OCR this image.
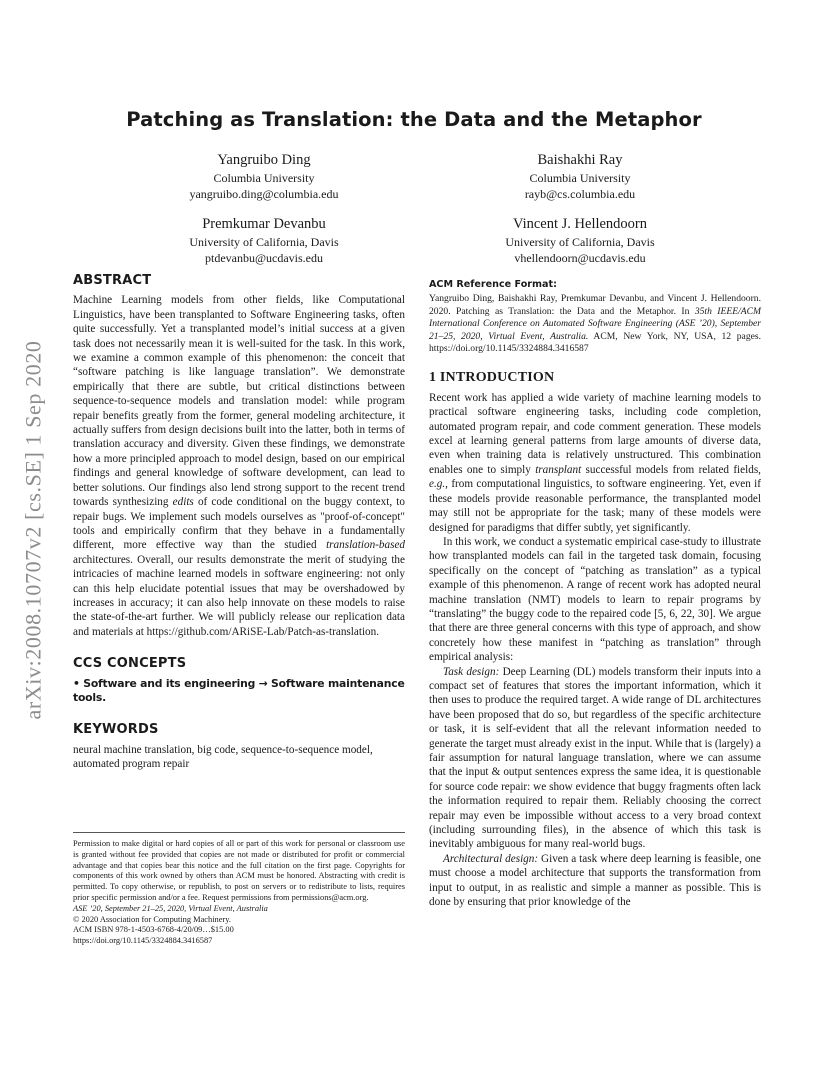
arXiv:2008.10707v2 [cs.SE] 1 Sep 2020
Patching as Translation: the Data and the Metaphor
Yangruibo Ding
Columbia University
yangruibo.ding@columbia.edu
Baishakhi Ray
Columbia University
rayb@cs.columbia.edu
Premkumar Devanbu
University of California, Davis
ptdevanbu@ucdavis.edu
Vincent J. Hellendoorn
University of California, Davis
vhellendoorn@ucdavis.edu
ABSTRACT

Machine Learning models from other fields, like Computational Linguistics, have been transplanted to Software Engineering tasks, often quite successfully. Yet a transplanted model’s initial success at a given task does not necessarily mean it is well-suited for the task. In this work, we examine a common example of this phenomenon: the conceit that “software patching is like language translation”. We demonstrate empirically that there are subtle, but critical distinctions between sequence-to-sequence models and translation model: while program repair benefits greatly from the former, general modeling architecture, it actually suffers from design decisions built into the latter, both in terms of translation accuracy and diversity. Given these findings, we demonstrate how a more principled approach to model design, based on our empirical findings and general knowledge of software development, can lead to better solutions. Our findings also lend strong support to the recent trend towards synthesizing edits of code conditional on the buggy context, to repair bugs. We implement such models ourselves as "proof-of-concept" tools and empirically confirm that they behave in a fundamentally different, more effective way than the studied translation-based architectures. Overall, our results demonstrate the merit of studying the intricacies of machine learned models in software engineering: not only can this help elucidate potential issues that may be overshadowed by increases in accuracy; it can also help innovate on these models to raise the state-of-the-art further. We will publicly release our replication data and materials at https://github.com/ARiSE-Lab/Patch-as-translation.

CCS CONCEPTS
• Software and its engineering → Software maintenance tools.
KEYWORDS

neural machine translation, big code, sequence-to-sequence model, automated program repair

Permission to make digital or hard copies of all or part of this work for personal or classroom use is granted without fee provided that copies are not made or distributed for profit or commercial advantage and that copies bear this notice and the full citation on the first page. Copyrights for components of this work owned by others than ACM must be honored. Abstracting with credit is permitted. To copy otherwise, or republish, to post on servers or to redistribute to lists, requires prior specific permission and/or a fee. Request permissions from permissions@acm.org.

ASE ’20, September 21–25, 2020, Virtual Event, Australia
© 2020 Association for Computing Machinery.
ACM ISBN 978-1-4503-6768-4/20/09…$15.00
https://doi.org/10.1145/3324884.3416587
ACM Reference Format:

Yangruibo Ding, Baishakhi Ray, Premkumar Devanbu, and Vincent J. Hellendoorn. 2020. Patching as Translation: the Data and the Metaphor. In 35th IEEE/ACM International Conference on Automated Software Engineering (ASE ’20), September 21–25, 2020, Virtual Event, Australia. ACM, New York, NY, USA, 12 pages. https://doi.org/10.1145/3324884.3416587

1 INTRODUCTION

Recent work has applied a wide variety of machine learning models to practical software engineering tasks, including code completion, automated program repair, and code comment generation. These models excel at learning general patterns from large amounts of diverse data, even when training data is relatively unstructured. This combination enables one to simply transplant successful models from related fields, e.g., from computational linguistics, to software engineering. Yet, even if these models provide reasonable performance, the transplanted model may still not be appropriate for the task; many of these models were designed for paradigms that differ subtly, yet significantly.

In this work, we conduct a systematic empirical case-study to illustrate how transplanted models can fail in the targeted task domain, focusing specifically on the concept of “patching as translation” as a typical example of this phenomenon. A range of recent work has adopted neural machine translation (NMT) models to learn to repair programs by “translating” the buggy code to the repaired code [5, 6, 22, 30]. We argue that there are three general concerns with this type of approach, and show concretely how these manifest in “patching as translation” through empirical analysis:

Task design: Deep Learning (DL) models transform their inputs into a compact set of features that stores the important information, which it then uses to produce the required target. A wide range of DL architectures have been proposed that do so, but regardless of the specific architecture or task, it is self-evident that all the relevant information needed to generate the target must already exist in the input. While that is (largely) a fair assumption for natural language translation, where we can assume that the input & output sentences express the same idea, it is questionable for source code repair: we show evidence that buggy fragments often lack the information required to repair them. Reliably choosing the correct repair may even be impossible without access to a very broad context (including surrounding files), in the absence of which this task is inevitably ambiguous for many real-world bugs.

Architectural design: Given a task where deep learning is feasible, one must choose a model architecture that supports the transformation from input to output, in as realistic and simple a manner as possible. This is done by ensuring that prior knowledge of the
